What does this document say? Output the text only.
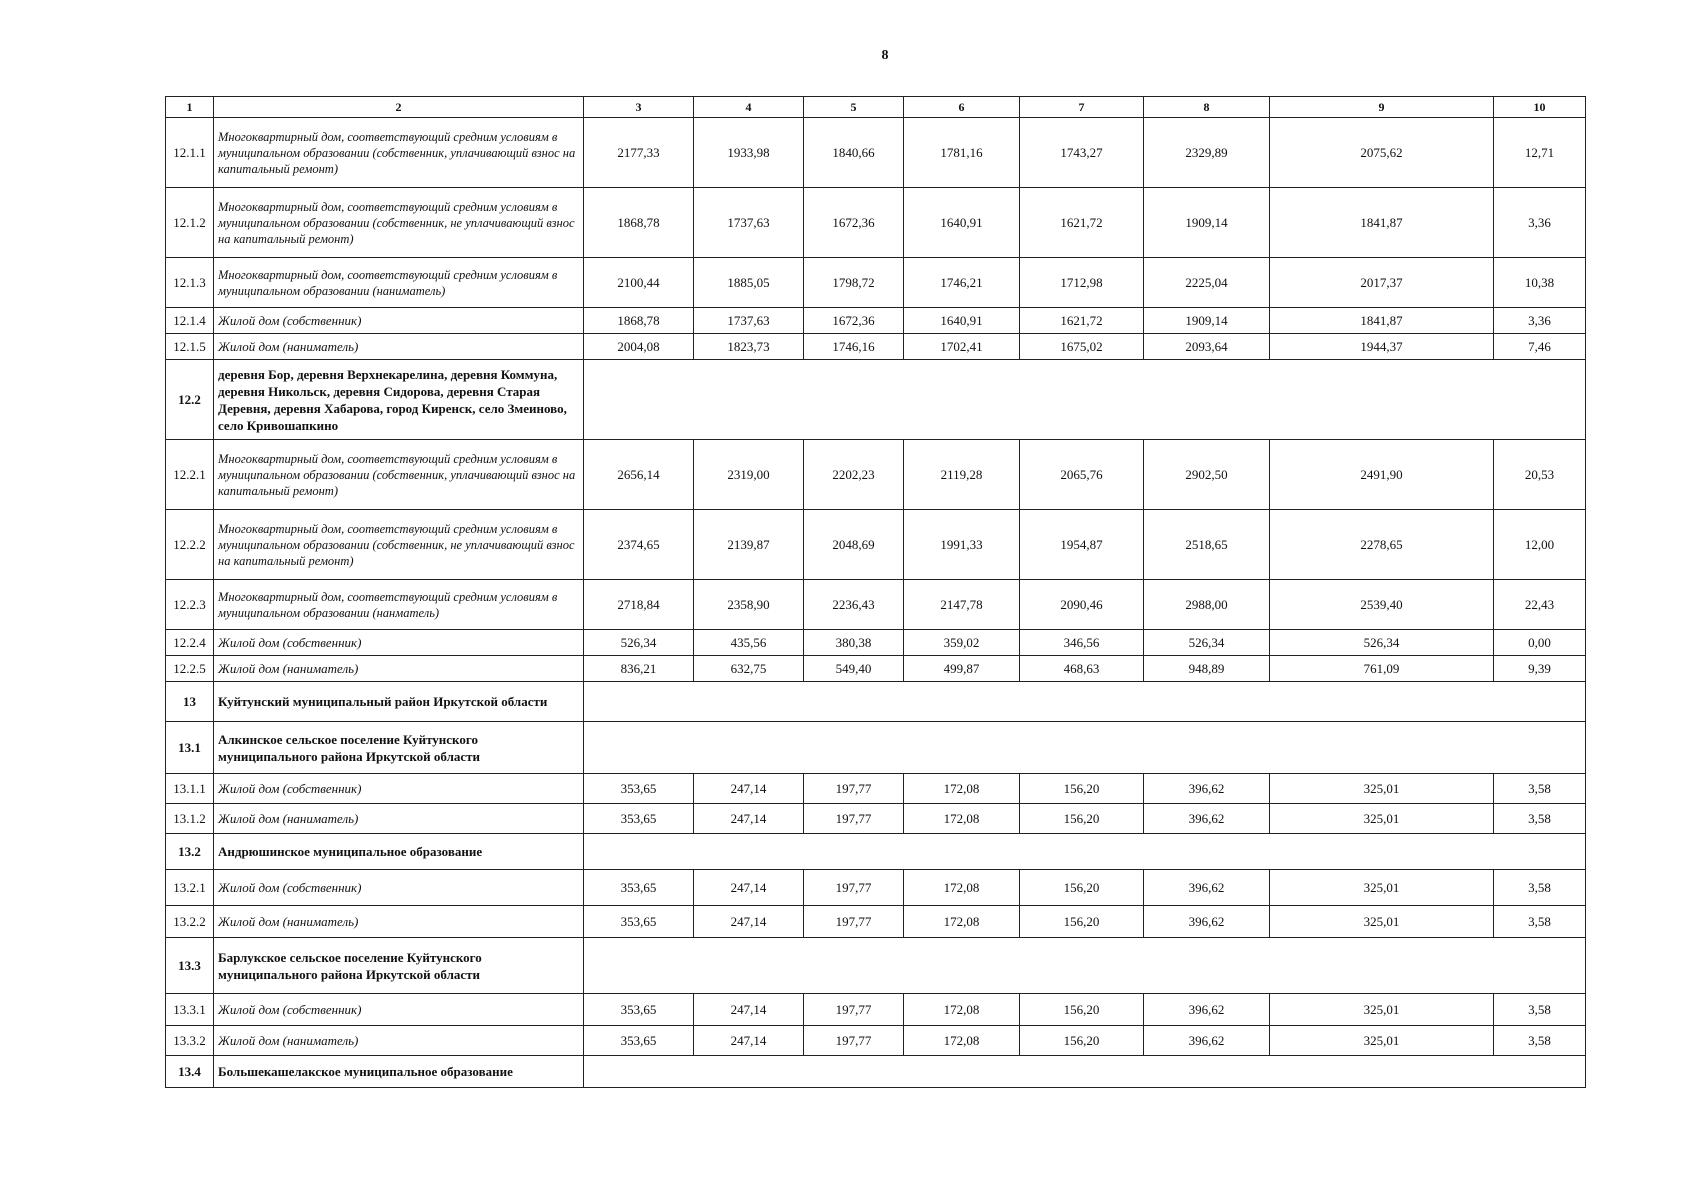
8
1	2	3	4	5	6	7	8	9	10
12.1.1	Многоквартирный дом, соответствующий средним условиям в муниципальном образовании (собственник, уплачивающий взнос на капитальный ремонт)	2177,33	1933,98	1840,66	1781,16	1743,27	2329,89	2075,62	12,71
12.1.2	Многоквартирный дом, соответствующий средним условиям в муниципальном образовании (собственник, не уплачивающий взнос на капитальный ремонт)	1868,78	1737,63	1672,36	1640,91	1621,72	1909,14	1841,87	3,36
12.1.3	Многоквартирный дом, соответствующий средним условиям в муниципальном образовании (наниматель)	2100,44	1885,05	1798,72	1746,21	1712,98	2225,04	2017,37	10,38
12.1.4	Жилой дом (собственник)	1868,78	1737,63	1672,36	1640,91	1621,72	1909,14	1841,87	3,36
12.1.5	Жилой дом (наниматель)	2004,08	1823,73	1746,16	1702,41	1675,02	2093,64	1944,37	7,46
12.2	деревня Бор, деревня Верхнекарелина, деревня Коммуна, деревня Никольск, деревня Сидорова, деревня Старая Деревня, деревня Хабарова, город Киренск, село Змеиново, село Кривошапкино								
12.2.1	Многоквартирный дом, соответствующий средним условиям в муниципальном образовании (собственник, уплачивающий взнос на капитальный ремонт)	2656,14	2319,00	2202,23	2119,28	2065,76	2902,50	2491,90	20,53
12.2.2	Многоквартирный дом, соответствующий средним условиям в муниципальном образовании (собственник, не уплачивающий взнос на капитальный ремонт)	2374,65	2139,87	2048,69	1991,33	1954,87	2518,65	2278,65	12,00
12.2.3	Многоквартирный дом, соответствующий средним условиям в муниципальном образовании (нанматель)	2718,84	2358,90	2236,43	2147,78	2090,46	2988,00	2539,40	22,43
12.2.4	Жилой дом (собственник)	526,34	435,56	380,38	359,02	346,56	526,34	526,34	0,00
12.2.5	Жилой дом (наниматель)	836,21	632,75	549,40	499,87	468,63	948,89	761,09	9,39
13	Куйтунский муниципальный район Иркутской области								
13.1	Алкинское сельское поселение Куйтунского муниципального района Иркутской области								
13.1.1	Жилой дом (собственник)	353,65	247,14	197,77	172,08	156,20	396,62	325,01	3,58
13.1.2	Жилой дом (наниматель)	353,65	247,14	197,77	172,08	156,20	396,62	325,01	3,58
13.2	Андрюшинское муниципальное образование								
13.2.1	Жилой дом (собственник)	353,65	247,14	197,77	172,08	156,20	396,62	325,01	3,58
13.2.2	Жилой дом (наниматель)	353,65	247,14	197,77	172,08	156,20	396,62	325,01	3,58
13.3	Барлукское сельское поселение Куйтунского муниципального района Иркутской области								
13.3.1	Жилой дом (собственник)	353,65	247,14	197,77	172,08	156,20	396,62	325,01	3,58
13.3.2	Жилой дом (наниматель)	353,65	247,14	197,77	172,08	156,20	396,62	325,01	3,58
13.4	Большекашелакское муниципальное образование								
